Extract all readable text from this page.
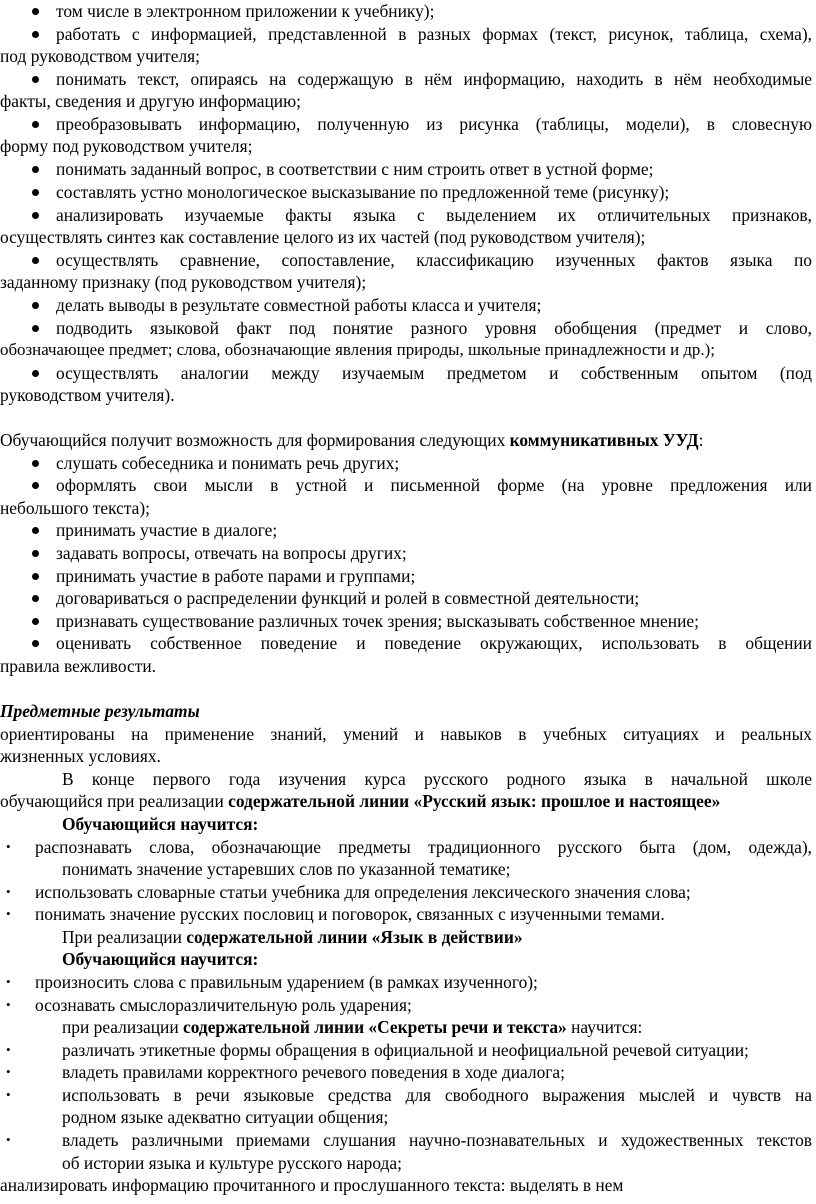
том числе в электронном приложении к учебнику);
работать с информацией, представленной в разных формах (текст, рисунок, таблица, схема),
под руководством учителя;
понимать текст, опираясь на содержащую в нём информацию, находить в нём необходимые
факты, сведения и другую информацию;
преобразовывать информацию, полученную из рисунка (таблицы, модели), в словесную
форму под руководством учителя;
понимать заданный вопрос, в соответствии с ним строить ответ в устной форме;
составлять устно монологическое высказывание по предложенной теме (рисунку);
анализировать изучаемые факты языка с выделением их отличительных признаков,
осуществлять синтез как составление целого из их частей (под руководством учителя);
осуществлять сравнение, сопоставление, классификацию изученных фактов языка по
заданному признаку (под руководством учителя);
делать выводы в результате совместной работы класса и учителя;
подводить языковой факт под понятие разного уровня обобщения (предмет и слово,
обозначающее предмет; слова, обозначающие явления природы, школьные принадлежности и др.);
осуществлять аналогии между изучаемым предметом и собственным опытом (под
руководством учителя).
Обучающийся получит возможность для формирования следующих коммуникативных УУД:
слушать собеседника и понимать речь других;
оформлять свои мысли в устной и письменной форме (на уровне предложения или
небольшого текста);
принимать участие в диалоге;
задавать вопросы, отвечать на вопросы других;
принимать участие в работе парами и группами;
договариваться о распределении функций и ролей в совместной деятельности;
признавать существование различных точек зрения; высказывать собственное мнение;
оценивать собственное поведение и поведение окружающих, использовать в общении
правила вежливости.
Предметные результаты
ориентированы на применение знаний, умений и навыков в учебных ситуациях и реальных
жизненных условиях.
В конце первого года изучения курса русского родного языка в начальной школе
обучающийся при реализации содержательной линии «Русский язык: прошлое и настоящее»
Обучающийся научится:
• распознавать слова, обозначающие предметы традиционного русского быта (дом, одежда),
понимать значение устаревших слов по указанной тематике;
• использовать словарные статьи учебника для определения лексического значения слова;
• понимать значение русских пословиц и поговорок, связанных с изученными темами.
При реализации содержательной линии «Язык в действии»
Обучающийся научится:
• произносить слова с правильным ударением (в рамках изученного);
• осознавать смыслоразличительную роль ударения;
при реализации содержательной линии «Секреты речи и текста» научится:
•	различать этикетные формы обращения в официальной и неофициальной речевой ситуации;
•	владеть правилами корректного речевого поведения в ходе диалога;
•	использовать в речи языковые средства для свободного выражения мыслей и чувств на
родном языке адекватно ситуации общения;
•	владеть различными приемами слушания научно-познавательных и художественных текстов
об истории языка и культуре русского народа;
анализировать информацию прочитанного и прослушанного текста: выделять в нем
